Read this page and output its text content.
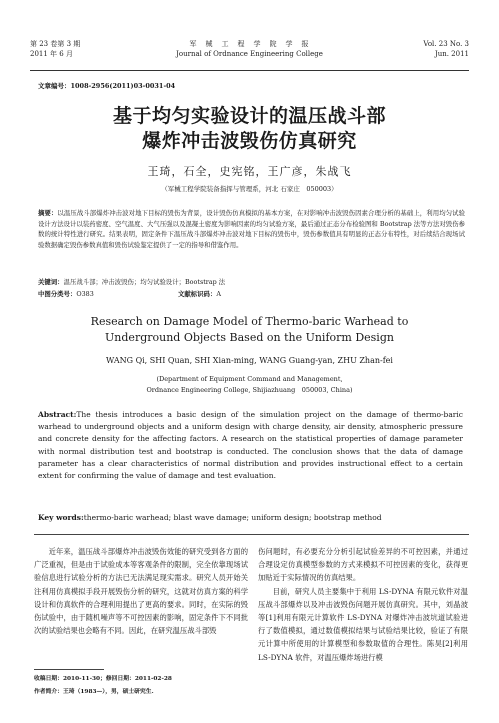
第 23 卷第 3 期
2011 年 6 月
军　械　工　程　学　院　学　报
Journal of Ordnance Engineering College
Vol. 23 No. 3
Jun. 2011
文章编号：1008-2956(2011)03-0031-04
基于均匀实验设计的温压战斗部
爆炸冲击波毁伤仿真研究
王琦，石全，史宪铭，王广彦，朱战飞
（军械工程学院装备指挥与管理系，河北 石家庄　050003）
摘要：以温压战斗部爆炸冲击波对地下目标的毁伤为背景，设计毁伤仿真模拟的基本方案，在对影响冲击波毁伤因素合理分析的基础上，利用均匀试验设计方法设计以装药密度、空气温度、大气压强以及混凝土密度为影响因素的均匀试验方案，最后通过正态分布检验图和 Bootstrap 法等方法对毁伤参数的统计特性进行研究。结果表明，固定条件下温压战斗部爆炸冲击波对地下目标的毁伤中，毁伤参数值具有明显的正态分布特性，对后续结合现场试验数据确定毁伤参数真值和毁伤试验鉴定提供了一定的指导和借鉴作用。
关键词：温压战斗部；冲击波毁伤；均匀试验设计；Bootstrap 法
中图分类号：O383	文献标识码：A
Research on Damage Model of Thermo-baric Warhead to
Underground Objects Based on the Uniform Design
WANG Qi, SHI Quan, SHI Xian-ming, WANG Guang-yan, ZHU Zhan-fei
(Department of Equipment Command and Management,
Ordnance Engineering College, Shijiazhuang　050003, China)
Abstract:The thesis introduces a basic design of the simulation project on the damage of thermo-baric warhead to underground objects and a uniform design with charge density, air density, atmospheric pressure and concrete density for the affecting factors. A research on the statistical properties of damage parameter with normal distribution test and bootstrap is conducted. The conclusion shows that the data of damage parameter has a clear characteristics of normal distribution and provides instructional effect to a certain extent for confirming the value of damage and test evaluation.
Key words:thermo-baric warhead; blast wave damage; uniform design; bootstrap method

近年来，温压战斗部爆炸冲击波毁伤效能的研究受到各方面的广泛重视，但是由于试验成本等客观条件的限制，完全依靠现场试验信息进行试验分析的方法已无法满足现实需求。研究人员开始关注利用仿真模拟手段开展毁伤分析的研究，这就对仿真方案的科学设计和仿真软件的合理利用提出了更高的要求。同时，在实际的毁伤试验中，由于随机噪声等不可控因素的影响，固定条件下不同批次的试验结果也会略有不同。因此，在研究温压战斗部毁

伤问题时，有必要充分分析引起试验差异的不可控因素，并通过合理设定仿真模型参数的方式来模拟不可控因素的变化，获得更加贴近于实际情况的仿真结果。

目前，研究人员主要集中于利用 LS-DYNA 有限元软件对温压战斗部爆炸以及冲击波毁伤问题开展仿真研究。其中，刘晶波等[1]利用有限元计算软件 LS-DYNA 对爆炸冲击波坑道试验进行了数值模拟，通过数值模拟结果与试验结果比较，验证了有限元计算中所使用的计算模型和参数取值的合理性。陈昊[2]利用 LS-DYNA 软件，对温压爆炸场进行模

收稿日期：2010-11-30；修回日期：2011-02-28
作者简介：王琦（1983—），男，硕士研究生.
